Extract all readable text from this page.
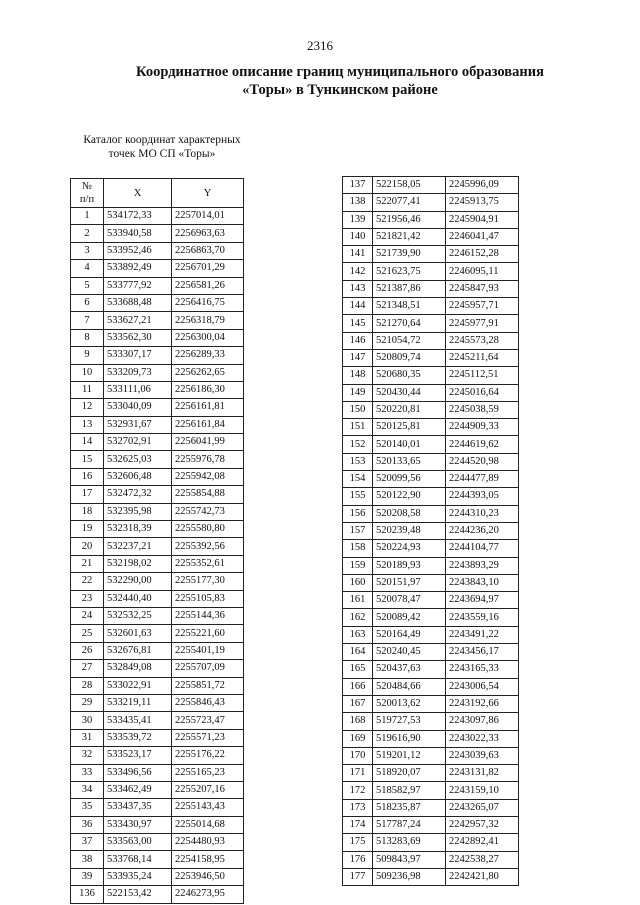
2316
Координатное описание границ муниципального образования
«Торы» в Тункинском районе
Каталог координат характерных
точек МО СП «Торы»
№
п/п	X	Y
1	534172,33	2257014,01
2	533940,58	2256963,63
3	533952,46	2256863,70
4	533892,49	2256701,29
5	533777,92	2256581,26
6	533688,48	2256416,75
7	533627,21	2256318,79
8	533562,30	2256300,04
9	533307,17	2256289,33
10	533209,73	2256262,65
11	533111,06	2256186,30
12	533040,09	2256161,81
13	532931,67	2256161,84
14	532702,91	2256041,99
15	532625,03	2255976,78
16	532606,48	2255942,08
17	532472,32	2255854,88
18	532395,98	2255742,73
19	532318,39	2255580,80
20	532237,21	2255392,56
21	532198,02	2255352,61
22	532290,00	2255177,30
23	532440,40	2255105,83
24	532532,25	2255144,36
25	532601,63	2255221,60
26	532676,81	2255401,19
27	532849,08	2255707,09
28	533022,91	2255851,72
29	533219,11	2255846,43
30	533435,41	2255723,47
31	533539,72	2255571,23
32	533523,17	2255176,22
33	533496,56	2255165,23
34	533462,49	2255207,16
35	533437,35	2255143,43
36	533430,97	2255014,68
37	533563,00	2254480,93
38	533768,14	2254158,95
39	533935,24	2253946,50
136	522153,42	2246273,95
137	522158,05	2245996,09
138	522077,41	2245913,75
139	521956,46	2245904,91
140	521821,42	2246041,47
141	521739,90	2246152,28
142	521623,75	2246095,11
143	521387,86	2245847,93
144	521348,51	2245957,71
145	521270,64	2245977,91
146	521054,72	2245573,28
147	520809,74	2245211,64
148	520680,35	2245112,51
149	520430,44	2245016,64
150	520220,81	2245038,59
151	520125,81	2244909,33
152	520140,01	2244619,62
153	520133,65	2244520,98
154	520099,56	2244477,89
155	520122,90	2244393,05
156	520208,58	2244310,23
157	520239,48	2244236,20
158	520224,93	2244104,77
159	520189,93	2243893,29
160	520151,97	2243843,10
161	520078,47	2243694,97
162	520089,42	2243559,16
163	520164,49	2243491,22
164	520240,45	2243456,17
165	520437,63	2243165,33
166	520484,66	2243006,54
167	520013,62	2243192,66
168	519727,53	2243097,86
169	519616,90	2243022,33
170	519201,12	2243039,63
171	518920,07	2243131,82
172	518582,97	2243159,10
173	518235,87	2243265,07
174	517787,24	2242957,32
175	513283,69	2242892,41
176	509843,97	2242538,27
177	509236,98	2242421,80
